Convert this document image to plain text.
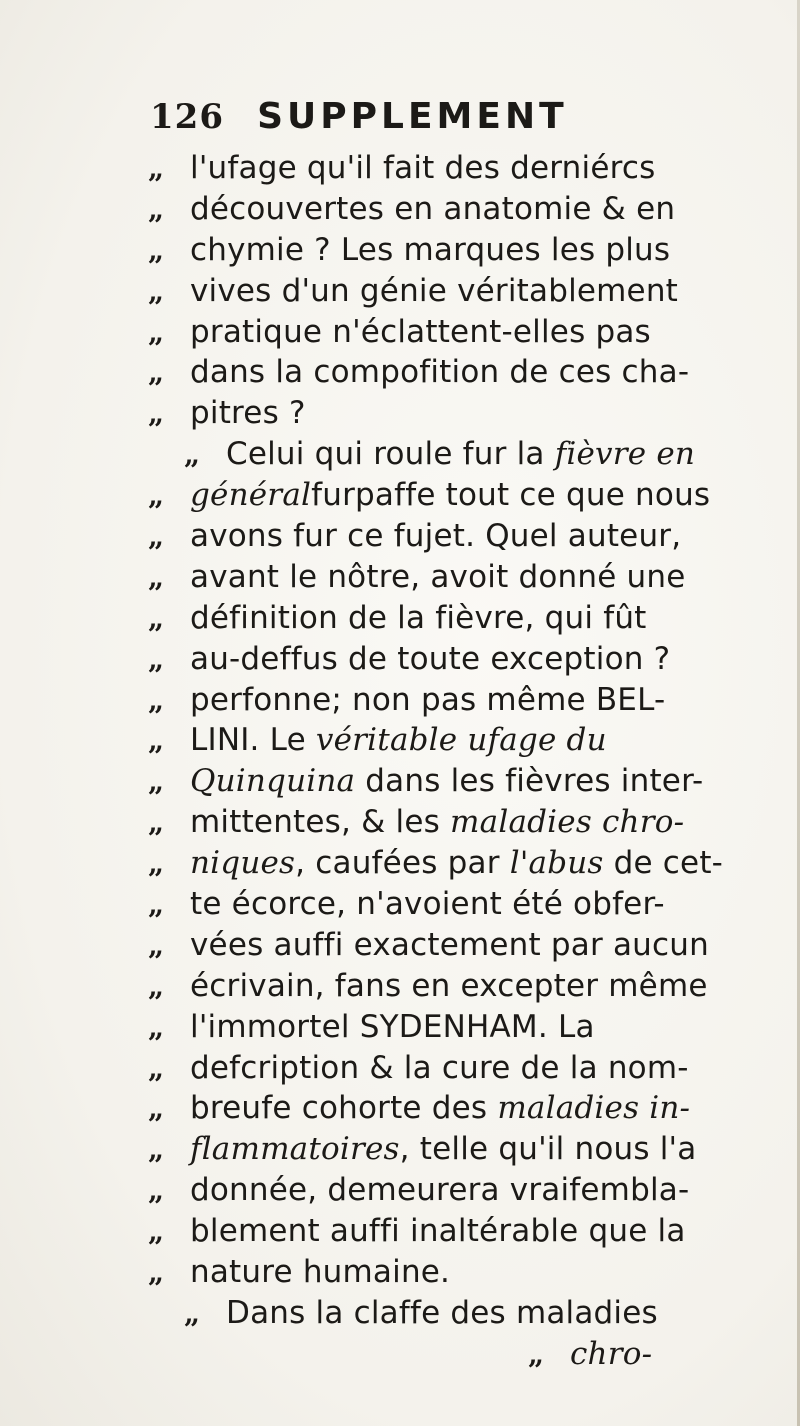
126 SUPPLEMENT
„ l'ufage qu'il fait des derniércs
„ découvertes en anatomie & en
„ chymie ? Les marques les plus
„ vives d'un génie véritablement
„ pratique n'éclattent-elles pas
„ dans la compofition de ces cha-
„ pitres ?
„ Celui qui roule fur la fièvre en
„ généralfurpaffe tout ce que nous
„ avons fur ce fujet. Quel auteur,
„ avant le nôtre, avoit donné une
„ définition de la fièvre, qui fût
„ au-deffus de toute exception ?
„ perfonne; non pas même BEL-
„ LINI. Le véritable ufage du
„ Quinquina dans les fièvres inter-
„ mittentes, & les maladies chro-
„ niques, caufées par l'abus de cet-
„ te écorce, n'avoient été obfer-
„ vées auffi exactement par aucun
„ écrivain, fans en excepter même
„ l'immortel SYDENHAM. La
„ defcription & la cure de la nom-
„ breufe cohorte des maladies in-
„ flammatoires, telle qu'il nous l'a
„ donnée, demeurera vraifembla-
„ blement auffi inaltérable que la
„ nature humaine.
„ Dans la claffe des maladies
„ chro-
